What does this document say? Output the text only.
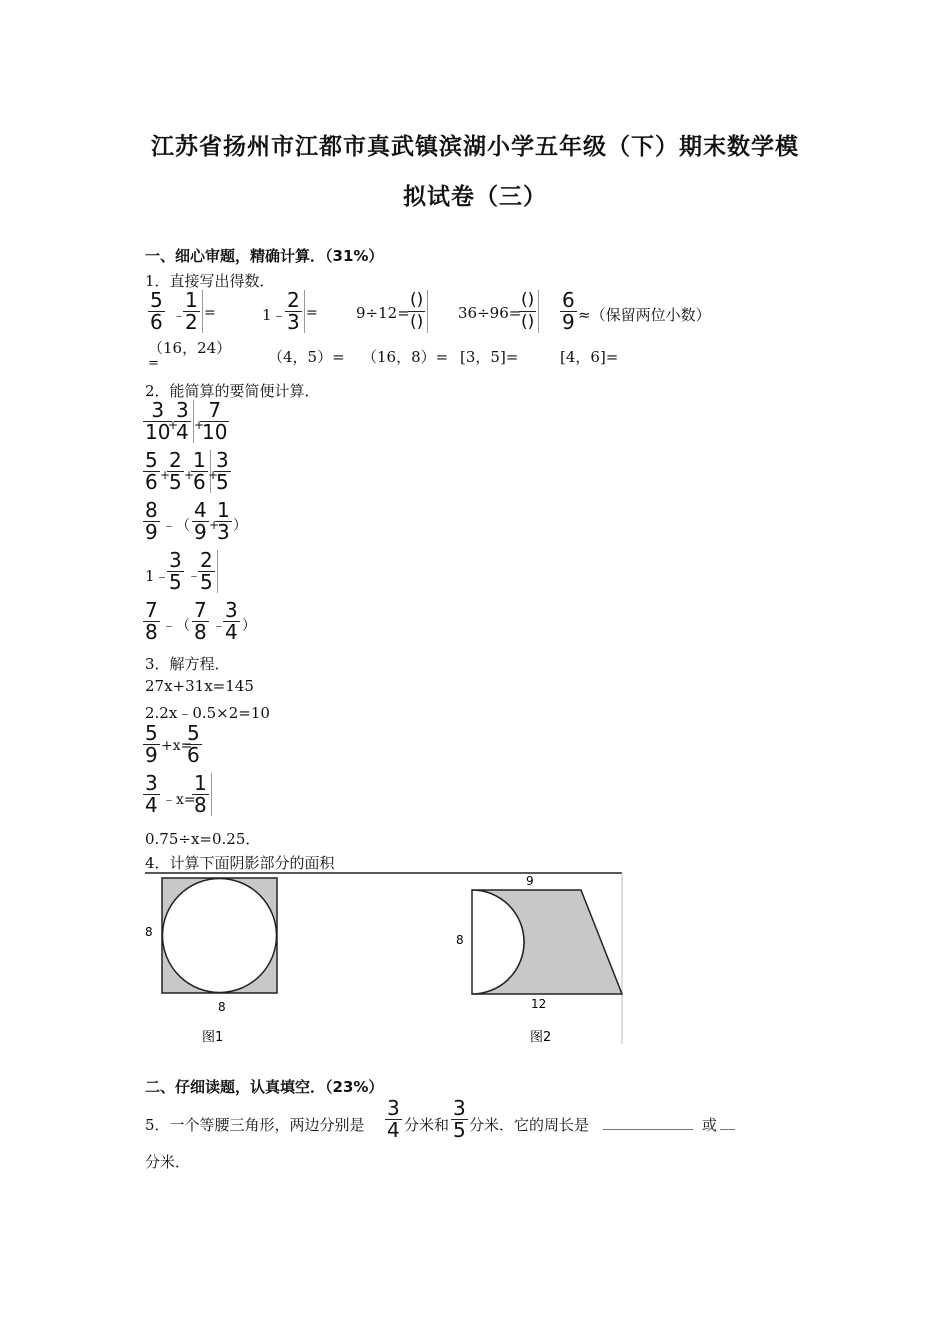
江苏省扬州市江都市真武镇滨湖小学五年级（下）期末数学模
拟试卷（三）
一、细心审题，精确计算．（31%）
1．直接写出得数．
$\frac{5}{6}$ ﹣
$\frac{1}{2}$ =	1﹣
$\frac{2}{3}$ =	9÷12=
()
() 36÷96=
()
() $\frac{6}{9}$ ≈（保留两位小数）
（16，24）
=	（4，5）= （16，8）= [3，5]=	[4，6]=
2．能简算的要简便计算．
$\frac{3}{10}$
+
$\frac{3}{4}$ +
$\frac{7}{10}$
$\frac{5}{6}$ +
$\frac{2}{5}$ +
$\frac{1}{6}$
+
$\frac{3}{5}$
$\frac{8}{9}$ ﹣（ $\frac{4}{9}$ +
$\frac{1}{3}$ ）
1﹣
$\frac{3}{5}$ ﹣
$\frac{2}{5}$
$\frac{7}{8}$ ﹣（ $\frac{7}{8}$ ﹣
$\frac{3}{4}$ ）
3．解方程．
27x+31x=145
2.2x﹣0.5×2=10
$\frac{5}{9} +x=$
$\frac{5}{6}$
$\frac{3}{4}$ ﹣x=
$\frac{1}{8}$
0.75÷x=0.25．
4．计算下面阴影部分的面积
8
8
图1
9
8
12
图2
二、仔细读题，认真填空．（23%）
5．一个等腰三角形，两边分别是 $\frac{3}{4}$ 分米和 $\frac{3}{5}$ 分米．它的周长是 ____________ 或 __
分米．
